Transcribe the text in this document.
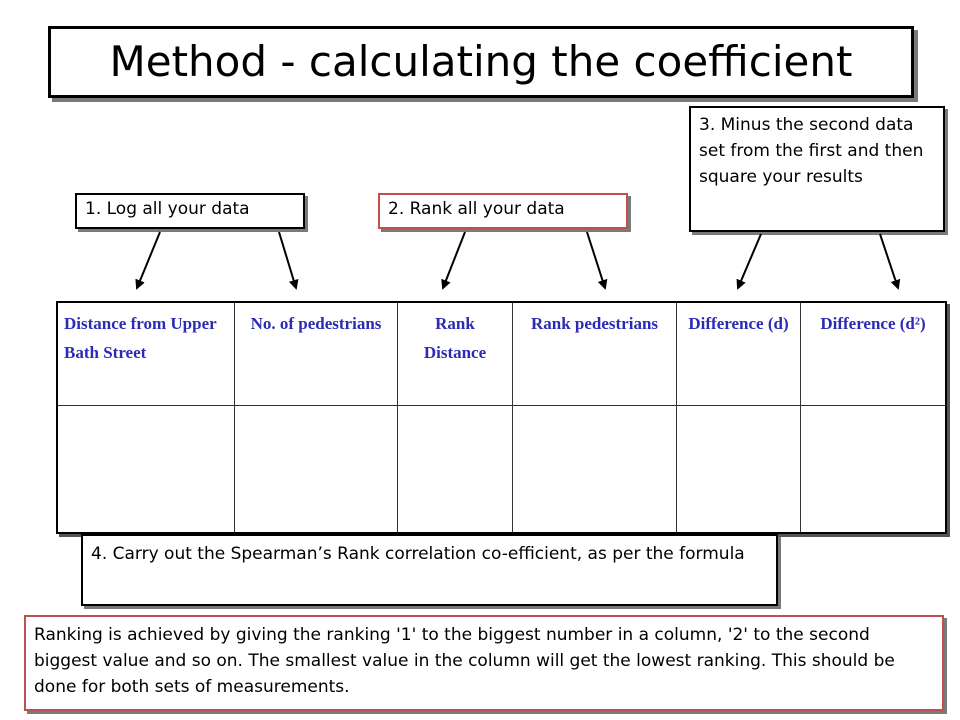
Method - calculating the coefficient
1. Log all your data	2. Rank all your data
3. Minus the second data set from the first and then square your results
Distance from Upper Bath Street	No. of pedestrians	Rank Distance	Rank pedestrians	Difference (d)	Difference (d²)

4. Carry out the Spearman’s Rank correlation co-efficient, as per the formula
Ranking is achieved by giving the ranking '1' to the biggest number in a column, '2' to the second biggest value and so on. The smallest value in the column will get the lowest ranking. This should be done for both sets of measurements.
